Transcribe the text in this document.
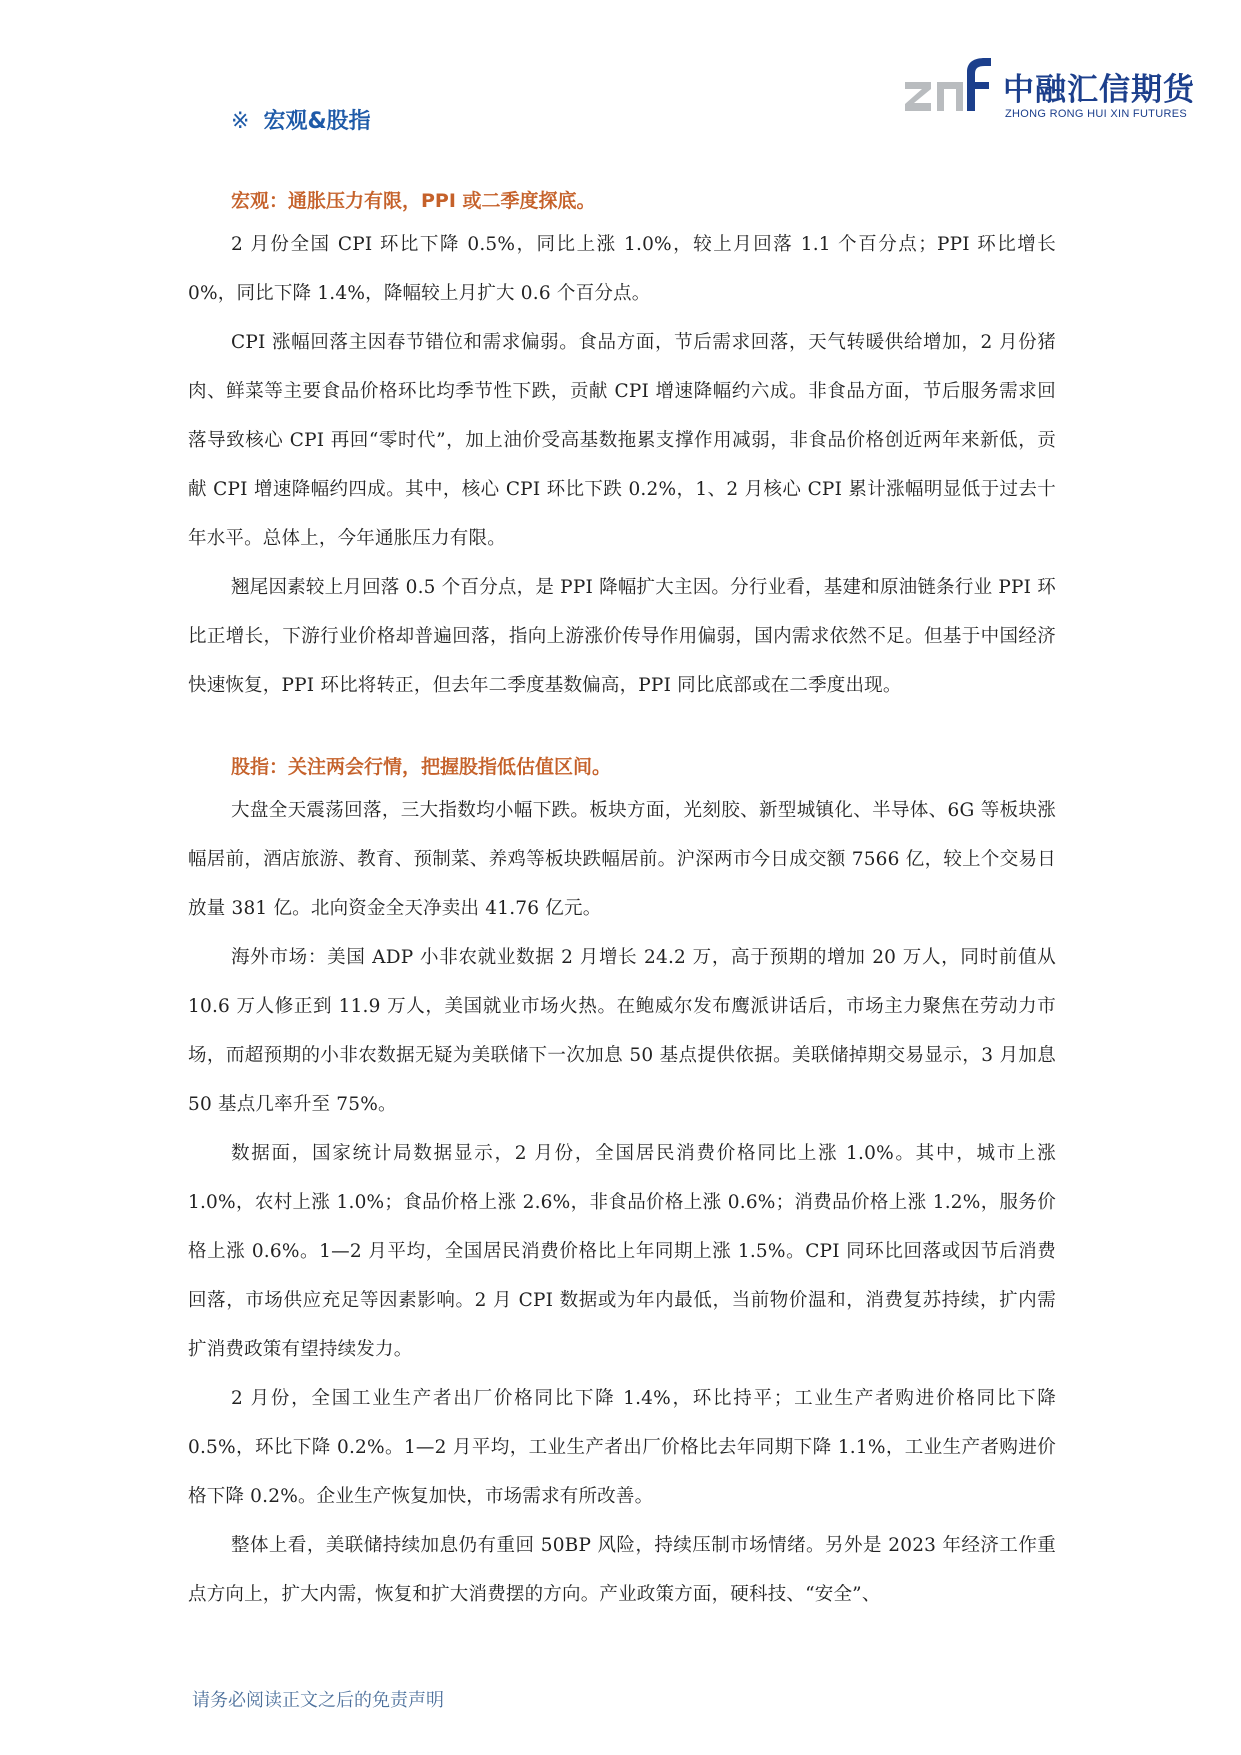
中融汇信期货
ZHONG RONG HUI XIN FUTURES
※ 宏观&股指
宏观：通胀压力有限，PPI 或二季度探底。

2 月份全国 CPI 环比下降 0.5%，同比上涨 1.0%，较上月回落 1.1 个百分点；PPI 环比增长 0%，同比下降 1.4%，降幅较上月扩大 0.6 个百分点。

CPI 涨幅回落主因春节错位和需求偏弱。食品方面，节后需求回落，天气转暖供给增加，2 月份猪肉、鲜菜等主要食品价格环比均季节性下跌，贡献 CPI 增速降幅约六成。非食品方面，节后服务需求回落导致核心 CPI 再回“零时代”，加上油价受高基数拖累支撑作用减弱，非食品价格创近两年来新低，贡献 CPI 增速降幅约四成。其中，核心 CPI 环比下跌 0.2%，1、2 月核心 CPI 累计涨幅明显低于过去十年水平。总体上，今年通胀压力有限。

翘尾因素较上月回落 0.5 个百分点，是 PPI 降幅扩大主因。分行业看，基建和原油链条行业 PPI 环比正增长，下游行业价格却普遍回落，指向上游涨价传导作用偏弱，国内需求依然不足。但基于中国经济快速恢复，PPI 环比将转正，但去年二季度基数偏高，PPI 同比底部或在二季度出现。

股指：关注两会行情，把握股指低估值区间。

大盘全天震荡回落，三大指数均小幅下跌。板块方面，光刻胶、新型城镇化、半导体、6G 等板块涨幅居前，酒店旅游、教育、预制菜、养鸡等板块跌幅居前。沪深两市今日成交额 7566 亿，较上个交易日放量 381 亿。北向资金全天净卖出 41.76 亿元。

海外市场：美国 ADP 小非农就业数据 2 月增长 24.2 万，高于预期的增加 20 万人，同时前值从 10.6 万人修正到 11.9 万人，美国就业市场火热。在鲍威尔发布鹰派讲话后，市场主力聚焦在劳动力市场，而超预期的小非农数据无疑为美联储下一次加息 50 基点提供依据。美联储掉期交易显示，3 月加息 50 基点几率升至 75%。

数据面，国家统计局数据显示，2 月份，全国居民消费价格同比上涨 1.0%。其中，城市上涨 1.0%，农村上涨 1.0%；食品价格上涨 2.6%，非食品价格上涨 0.6%；消费品价格上涨 1.2%，服务价格上涨 0.6%。1—2 月平均，全国居民消费价格比上年同期上涨 1.5%。CPI 同环比回落或因节后消费回落，市场供应充足等因素影响。2 月 CPI 数据或为年内最低，当前物价温和，消费复苏持续，扩内需扩消费政策有望持续发力。

2 月份，全国工业生产者出厂价格同比下降 1.4%，环比持平；工业生产者购进价格同比下降 0.5%，环比下降 0.2%。1—2 月平均，工业生产者出厂价格比去年同期下降 1.1%，工业生产者购进价格下降 0.2%。企业生产恢复加快，市场需求有所改善。

整体上看，美联储持续加息仍有重回 50BP 风险，持续压制市场情绪。另外是 2023 年经济工作重点方向上，扩大内需，恢复和扩大消费摆的方向。产业政策方面，硬科技、“安全”、

请务必阅读正文之后的免责声明
